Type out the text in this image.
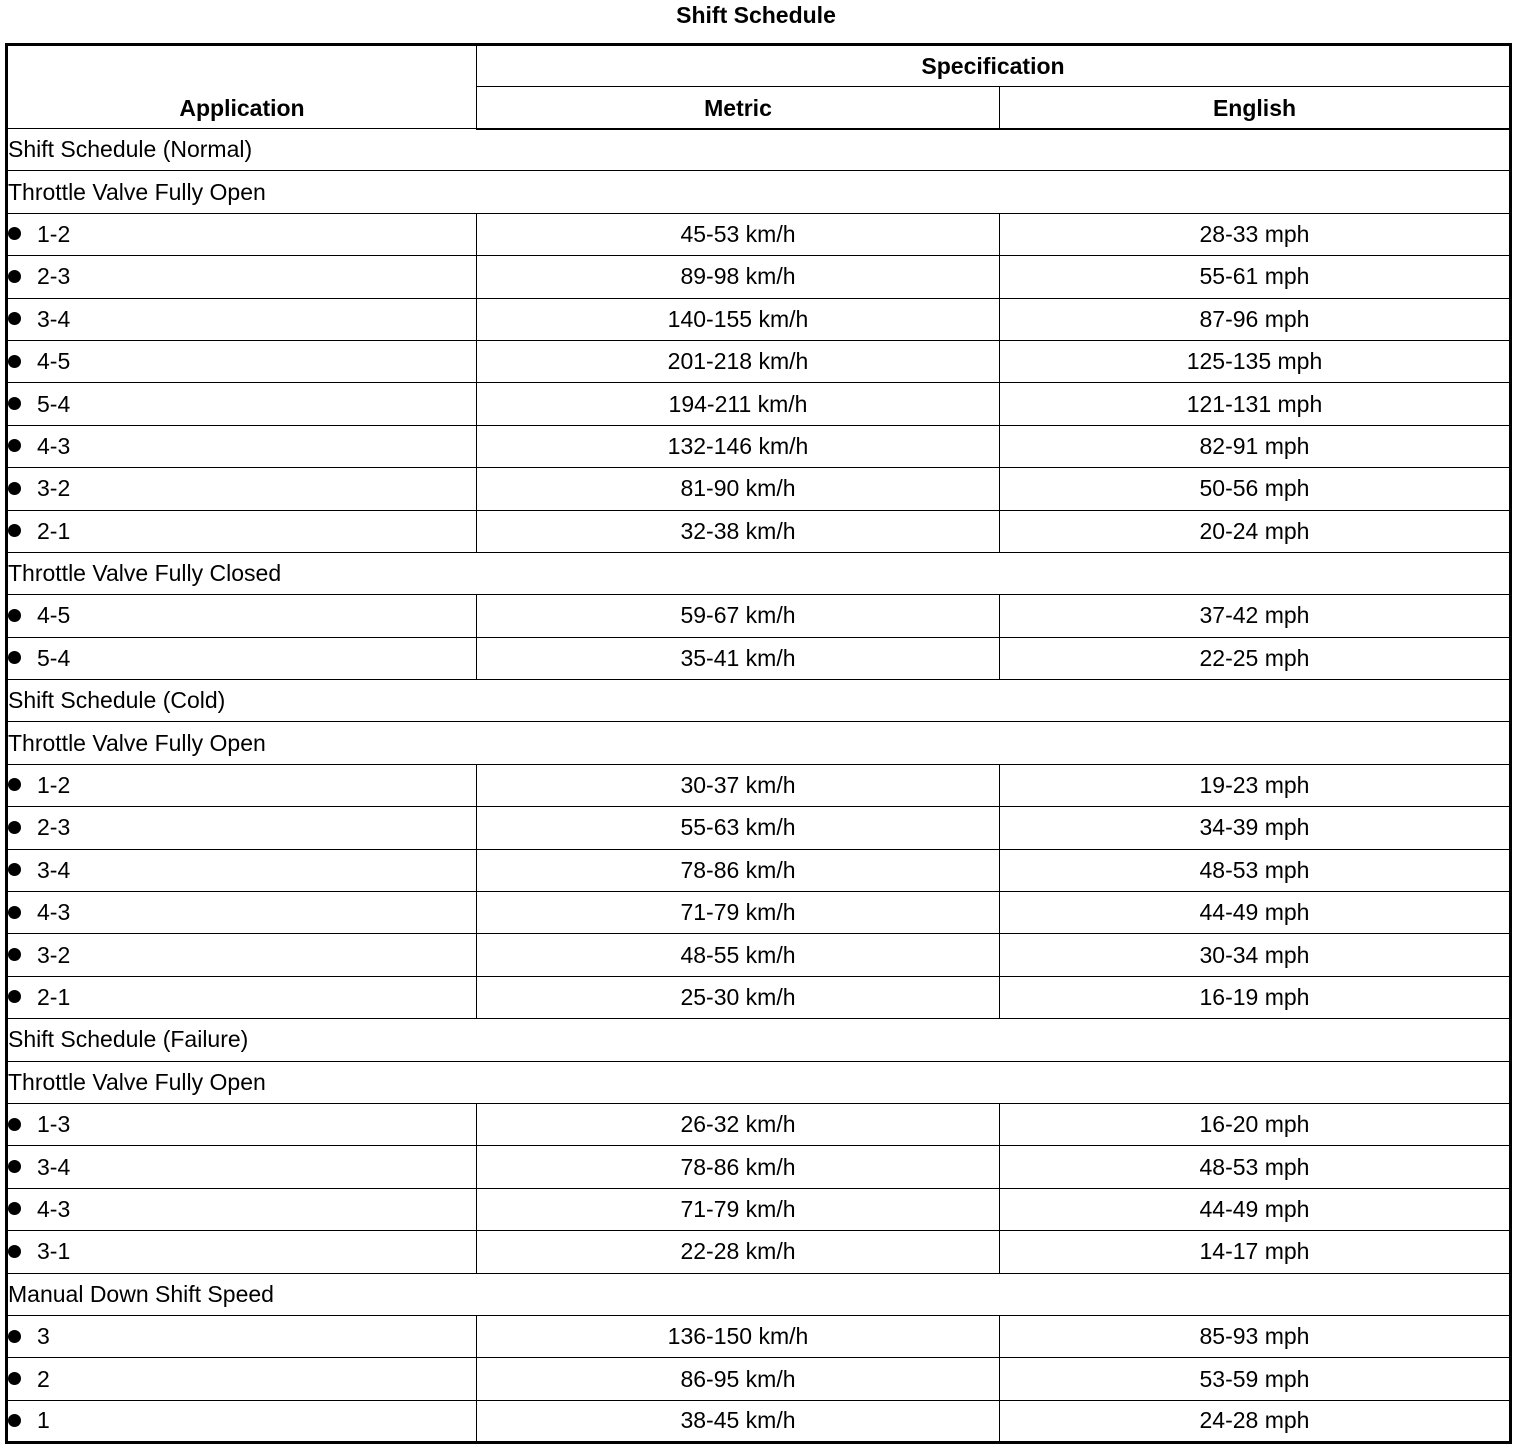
Shift Schedule
Application	Specification	
	Metric	English
Shift Schedule (Normal)		
Throttle Valve Fully Open		
1-2	45-53 km/h	28-33 mph
2-3	89-98 km/h	55-61 mph
3-4	140-155 km/h	87-96 mph
4-5	201-218 km/h	125-135 mph
5-4	194-211 km/h	121-131 mph
4-3	132-146 km/h	82-91 mph
3-2	81-90 km/h	50-56 mph
2-1	32-38 km/h	20-24 mph
Throttle Valve Fully Closed		
4-5	59-67 km/h	37-42 mph
5-4	35-41 km/h	22-25 mph
Shift Schedule (Cold)		
Throttle Valve Fully Open		
1-2	30-37 km/h	19-23 mph
2-3	55-63 km/h	34-39 mph
3-4	78-86 km/h	48-53 mph
4-3	71-79 km/h	44-49 mph
3-2	48-55 km/h	30-34 mph
2-1	25-30 km/h	16-19 mph
Shift Schedule (Failure)		
Throttle Valve Fully Open		
1-3	26-32 km/h	16-20 mph
3-4	78-86 km/h	48-53 mph
4-3	71-79 km/h	44-49 mph
3-1	22-28 km/h	14-17 mph
Manual Down Shift Speed		
3	136-150 km/h	85-93 mph
2	86-95 km/h	53-59 mph
1	38-45 km/h	24-28 mph
